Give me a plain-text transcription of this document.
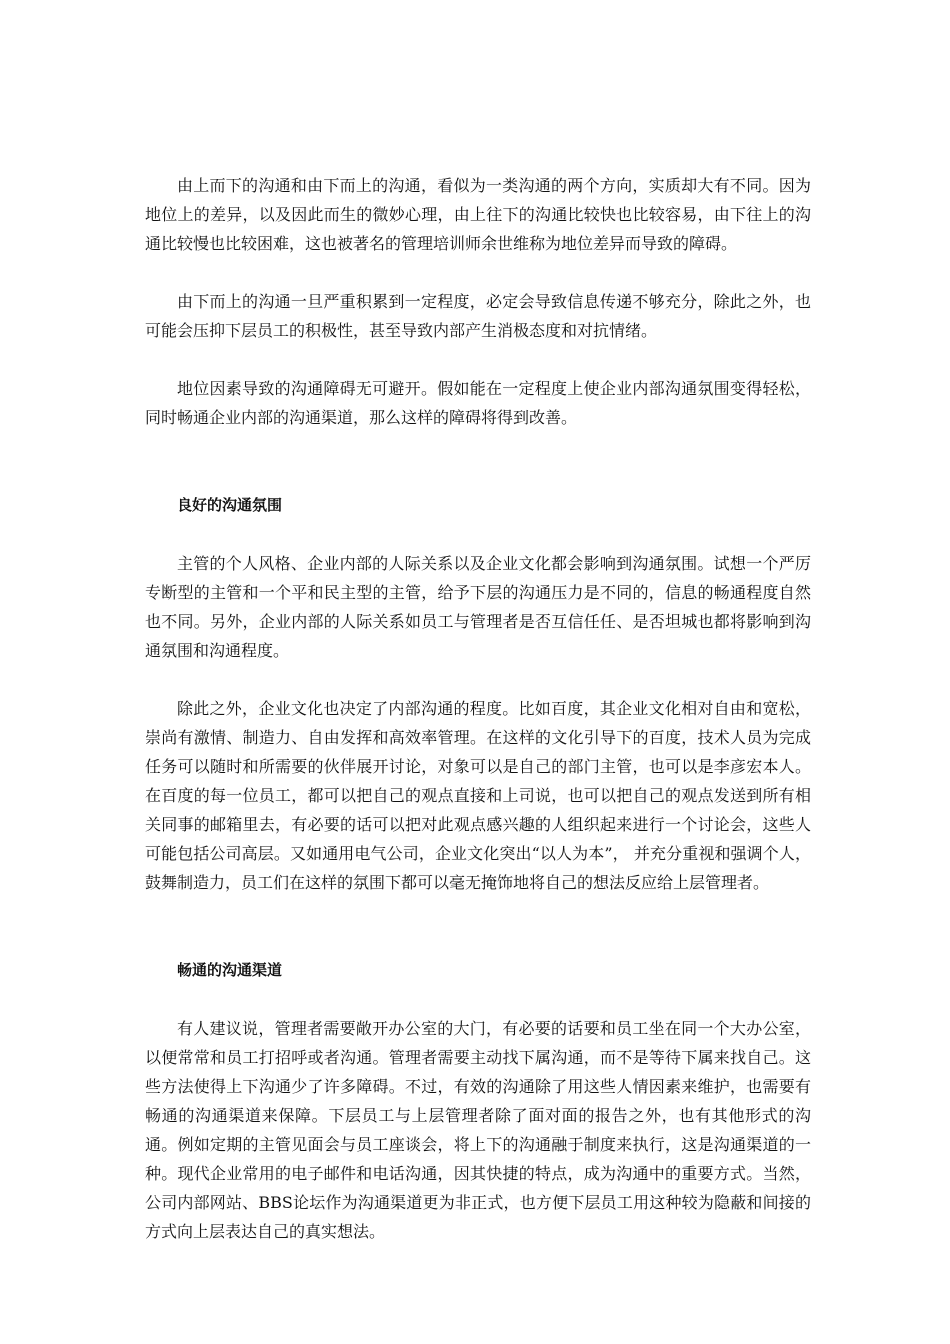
由上而下的沟通和由下而上的沟通，看似为一类沟通的两个方向，实质却大有不同。因为地位上的差异，以及因此而生的微妙心理，由上往下的沟通比较快也比较容易，由下往上的沟通比较慢也比较困难，这也被著名的管理培训师余世维称为地位差异而导致的障碍。

由下而上的沟通一旦严重积累到一定程度，必定会导致信息传递不够充分，除此之外，也可能会压抑下层员工的积极性，甚至导致内部产生消极态度和对抗情绪。

地位因素导致的沟通障碍无可避开。假如能在一定程度上使企业内部沟通氛围变得轻松，同时畅通企业内部的沟通渠道，那么这样的障碍将得到改善。

良好的沟通氛围

主管的个人风格、企业内部的人际关系以及企业文化都会影响到沟通氛围。试想一个严厉专断型的主管和一个平和民主型的主管，给予下层的沟通压力是不同的，信息的畅通程度自然也不同。另外，企业内部的人际关系如员工与管理者是否互信任任、是否坦城也都将影响到沟通氛围和沟通程度。

除此之外，企业文化也决定了内部沟通的程度。比如百度，其企业文化相对自由和宽松，崇尚有激情、制造力、自由发挥和高效率管理。在这样的文化引导下的百度，技术人员为完成任务可以随时和所需要的伙伴展开讨论，对象可以是自己的部门主管，也可以是李彦宏本人。在百度的每一位员工，都可以把自己的观点直接和上司说，也可以把自己的观点发送到所有相关同事的邮箱里去，有必要的话可以把对此观点感兴趣的人组织起来进行一个讨论会，这些人可能包括公司高层。又如通用电气公司，企业文化突出“以人为本”， 并充分重视和强调个人，鼓舞制造力，员工们在这样的氛围下都可以毫无掩饰地将自己的想法反应给上层管理者。

畅通的沟通渠道

有人建议说，管理者需要敞开办公室的大门，有必要的话要和员工坐在同一个大办公室，以便常常和员工打招呼或者沟通。管理者需要主动找下属沟通，而不是等待下属来找自己。这些方法使得上下沟通少了许多障碍。不过，有效的沟通除了用这些人情因素来维护，也需要有畅通的沟通渠道来保障。下层员工与上层管理者除了面对面的报告之外，也有其他形式的沟通。例如定期的主管见面会与员工座谈会，将上下的沟通融于制度来执行，这是沟通渠道的一种。现代企业常用的电子邮件和电话沟通，因其快捷的特点，成为沟通中的重要方式。当然，公司内部网站、BBS论坛作为沟通渠道更为非正式，也方便下层员工用这种较为隐蔽和间接的方式向上层表达自己的真实想法。
